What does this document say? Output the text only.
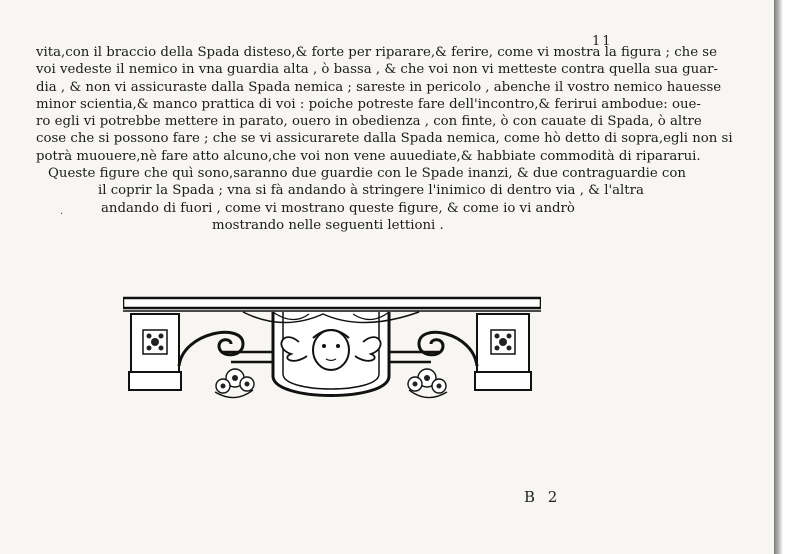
11
vita,con il braccio della Spada disteso,& forte per riparare,& ferire, come vi mostra la figura ; che se
voi vedeste il nemico in vna guardia alta , ò bassa , & che voi non vi metteste contra quella sua guar-
dia , & non vi assicuraste dalla Spada nemica ; sareste in pericolo , abenche il vostro nemico hauesse
minor scientia,& manco prattica di voi : poiche potreste fare dell'incontro,& ferirui ambodue: oue-
ro egli vi potrebbe mettere in parato, ouero in obedienza , con finte, ò con cauate di Spada, ò altre
cose che si possono fare ; che se vi assicurarete dalla Spada nemica, come hò detto di sopra,egli non si
potrà muouere,nè fare atto alcuno,che voi non vene auuediate,& habbiate commodità di ripararui.
Queste figure che quì sono,saranno due guardie con le Spade inanzi, & due contraguardie con
il coprir la Spada ; vna si fà andando à stringere l'inimico di dentro via , & l'altra
andando di fuori , come vi mostrano queste figure, & come io vi andrò
mostrando nelle seguenti lettioni .
·
B 2
